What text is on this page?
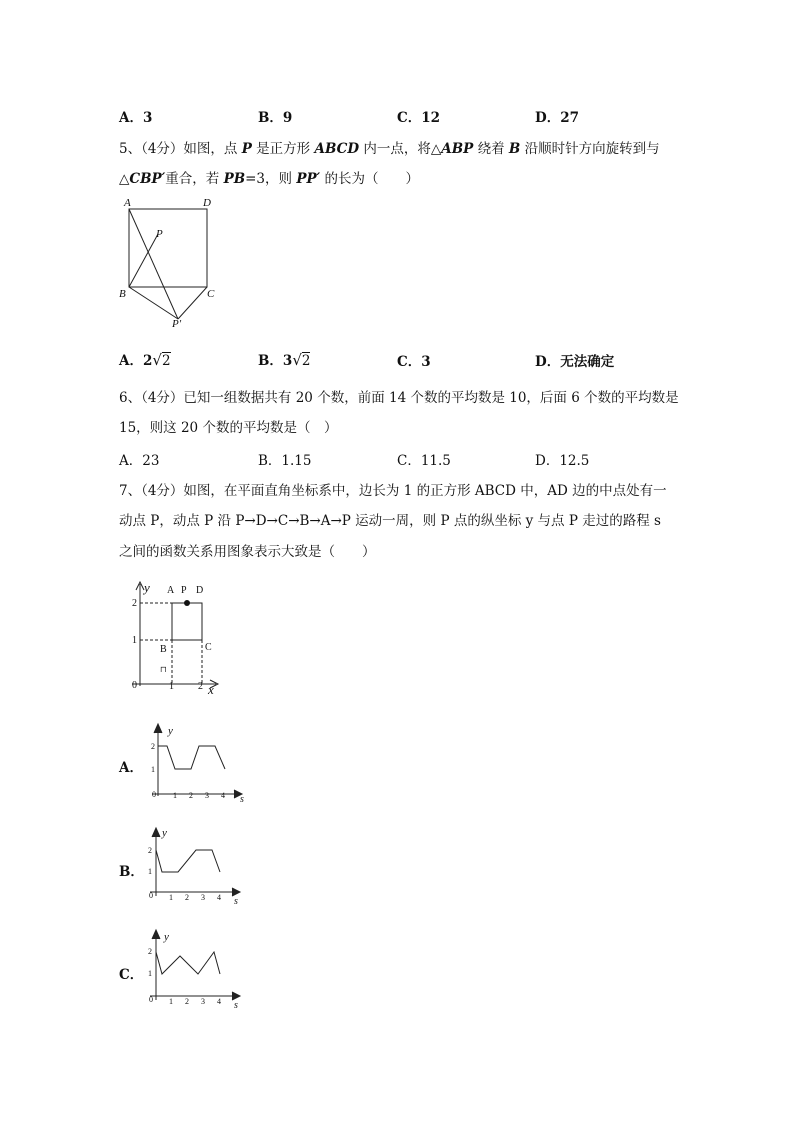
A．3	B．9	C．12	D．27
5、（4分）如图，点 P 是正方形 ABCD 内一点，将△ABP 绕着 B 沿顺时针方向旋转到与
△CBP′重合，若 PB=3，则 PP′ 的长为（　　）
A	D
P
B	C
P′
A．2√2	B．3√2	C．3	D．无法确定
6、（4分）已知一组数据共有 20 个数，前面 14 个数的平均数是 10，后面 6 个数的平均数是
15，则这 20 个数的平均数是（　）
A．23	B．1.15	C．11.5	D．12.5
7、（4分）如图，在平面直角坐标系中，边长为 1 的正方形 ABCD 中，AD 边的中点处有一
动点 P，动点 P 沿 P→D→C→B→A→P 运动一周，则 P 点的纵坐标 y 与点 P 走过的路程 s
之间的函数关系用图象表示大致是（　　）
y
x
0
A P D
B	C
1 2
1
2
⊓
A．
y
s
0 1 2 3 4
1
2
B．
y
s
0 1 2 3 4
1
2
C．
y
s
0 1 2 3 4
1
2
